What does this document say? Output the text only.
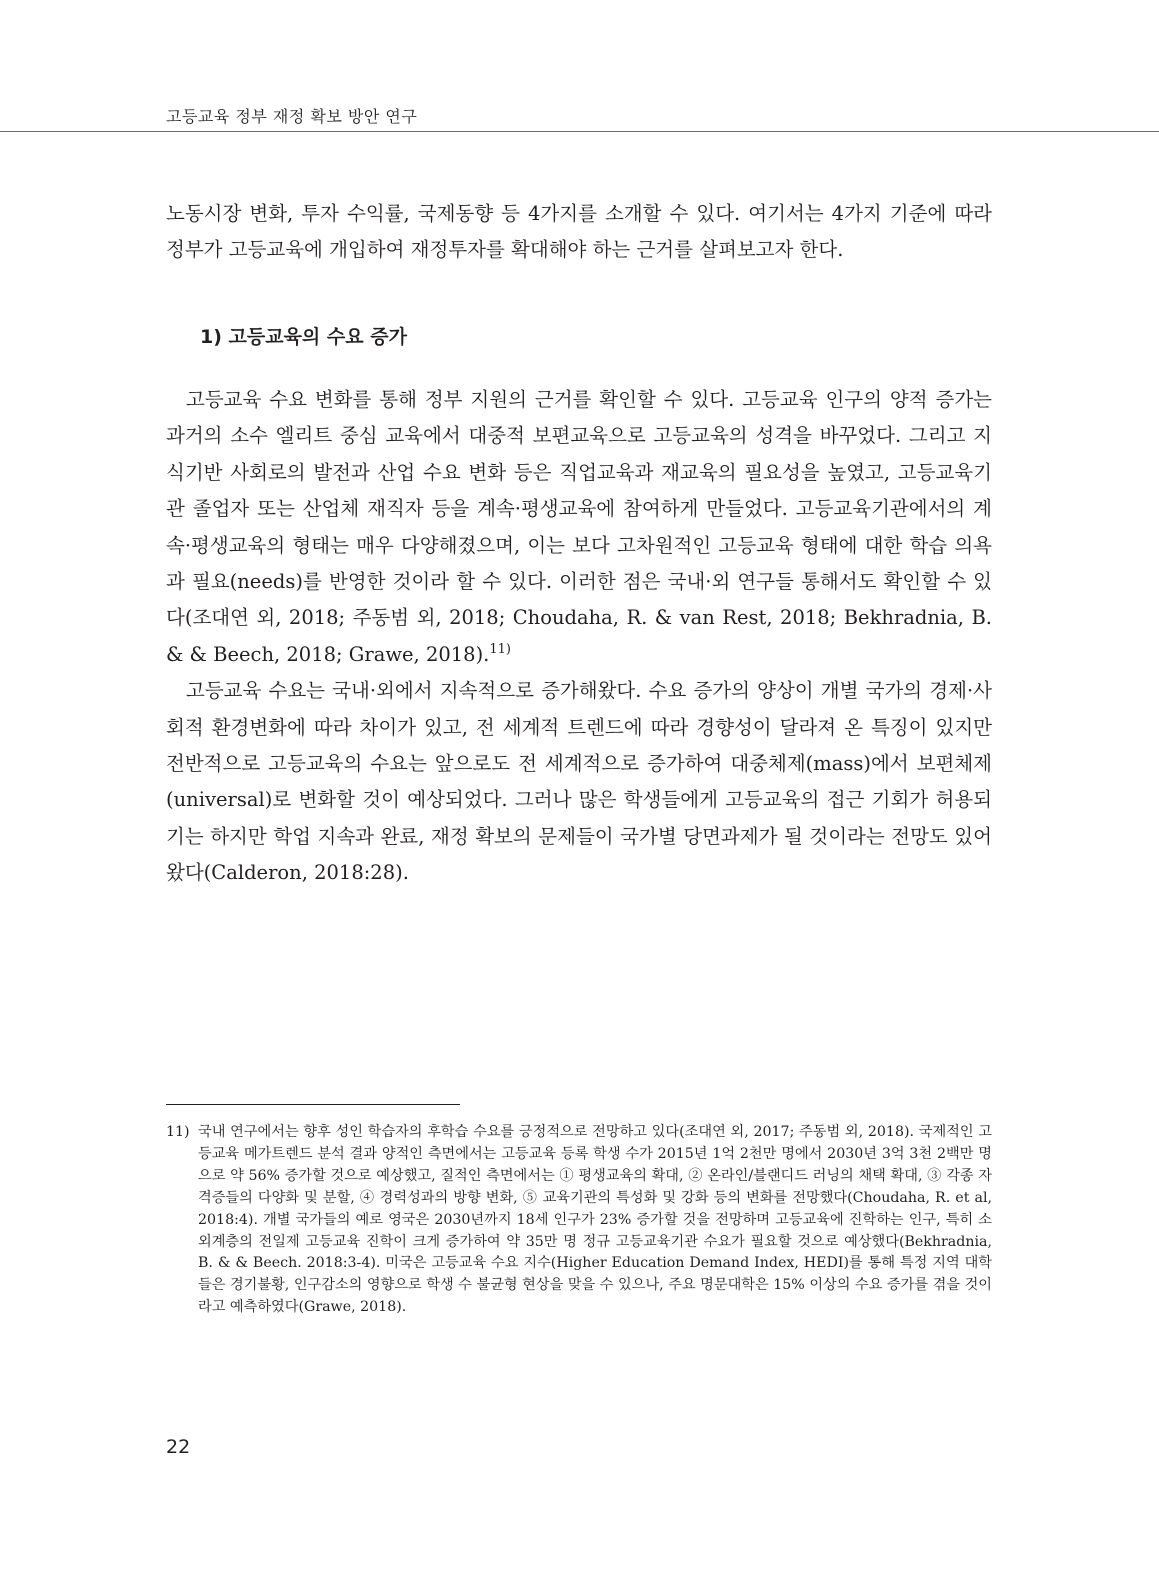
고등교육 정부 재정 확보 방안 연구

노동시장 변화, 투자 수익률, 국제동향 등 4가지를 소개할 수 있다. 여기서는 4가지 기준에 따라 정부가 고등교육에 개입하여 재정투자를 확대해야 하는 근거를 살펴보고자 한다.

1) 고등교육의 수요 증가

고등교육 수요 변화를 통해 정부 지원의 근거를 확인할 수 있다. 고등교육 인구의 양적 증가는 과거의 소수 엘리트 중심 교육에서 대중적 보편교육으로 고등교육의 성격을 바꾸었다. 그리고 지식기반 사회로의 발전과 산업 수요 변화 등은 직업교육과 재교육의 필요성을 높였고, 고등교육기관 졸업자 또는 산업체 재직자 등을 계속·평생교육에 참여하게 만들었다. 고등교육기관에서의 계속·평생교육의 형태는 매우 다양해졌으며, 이는 보다 고차원적인 고등교육 형태에 대한 학습 의욕과 필요(needs)를 반영한 것이라 할 수 있다. 이러한 점은 국내·외 연구들 통해서도 확인할 수 있다(조대연 외, 2018; 주동범 외, 2018; Choudaha, R. & van Rest, 2018; Bekhradnia, B. & & Beech, 2018; Grawe, 2018).$^{11)}$

고등교육 수요는 국내·외에서 지속적으로 증가해왔다. 수요 증가의 양상이 개별 국가의 경제·사회적 환경변화에 따라 차이가 있고, 전 세계적 트렌드에 따라 경향성이 달라져 온 특징이 있지만 전반적으로 고등교육의 수요는 앞으로도 전 세계적으로 증가하여 대중체제(mass)에서 보편체제(universal)로 변화할 것이 예상되었다. 그러나 많은 학생들에게 고등교육의 접근 기회가 허용되기는 하지만 학업 지속과 완료, 재정 확보의 문제들이 국가별 당면과제가 될 것이라는 전망도 있어 왔다(Calderon, 2018:28).

11) 국내 연구에서는 향후 성인 학습자의 후학습 수요를 긍정적으로 전망하고 있다(조대연 외, 2017; 주동범 외, 2018). 국제적인 고등교육 메가트렌드 분석 결과 양적인 측면에서는 고등교육 등록 학생 수가 2015년 1억 2천만 명에서 2030년 3억 3천 2백만 명으로 약 56% 증가할 것으로 예상했고, 질적인 측면에서는 ① 평생교육의 확대, ② 온라인/블랜디드 러닝의 채택 확대, ③ 각종 자격증들의 다양화 및 분할, ④ 경력성과의 방향 변화, ⑤ 교육기관의 특성화 및 강화 등의 변화를 전망했다(Choudaha, R. et al, 2018:4). 개별 국가들의 예로 영국은 2030년까지 18세 인구가 23% 증가할 것을 전망하며 고등교육에 진학하는 인구, 특히 소외계층의 전일제 고등교육 진학이 크게 증가하여 약 35만 명 정규 고등교육기관 수요가 필요할 것으로 예상했다(Bekhradnia, B. & & Beech. 2018:3-4). 미국은 고등교육 수요 지수(Higher Education Demand Index, HEDI)를 통해 특정 지역 대학들은 경기불황, 인구감소의 영향으로 학생 수 불균형 현상을 맞을 수 있으나, 주요 명문대학은 15% 이상의 수요 증가를 겪을 것이라고 예측하였다(Grawe, 2018).
22
